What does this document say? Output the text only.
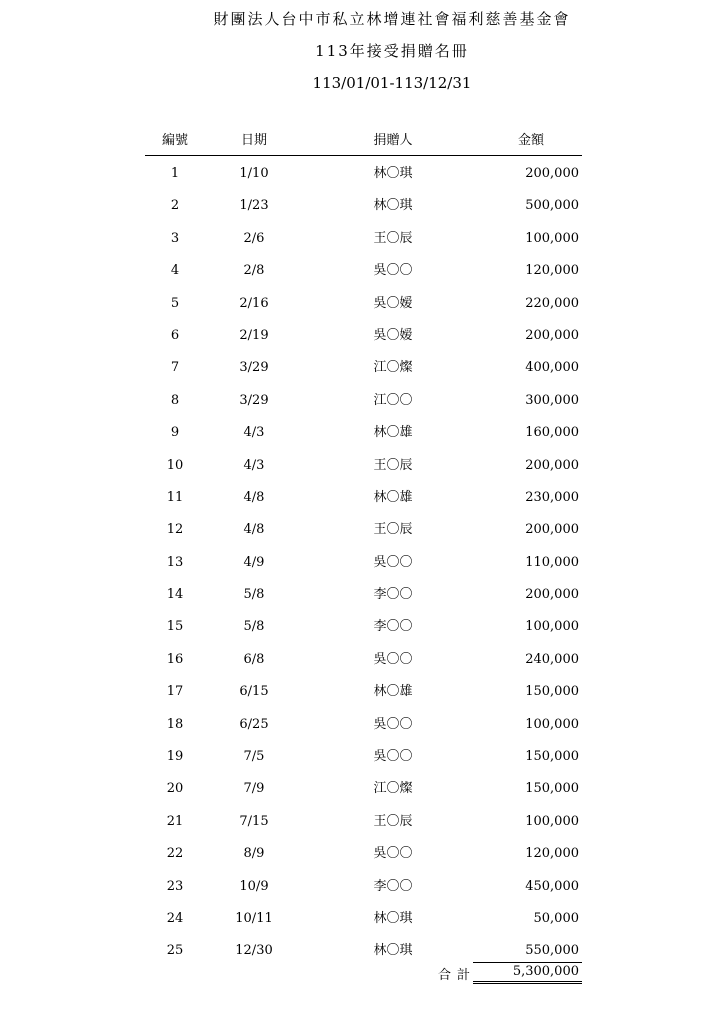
財團法人台中市私立林增連社會福利慈善基金會
113年接受捐贈名冊
113/01/01-113/12/31
編號	日期	捐贈人	金額
1	1/10	林〇琪	200,000
2	1/23	林〇琪	500,000
3	2/6	王〇辰	100,000
4	2/8	吳〇〇	120,000
5	2/16	吳〇嫒	220,000
6	2/19	吳〇嫒	200,000
7	3/29	江〇燦	400,000
8	3/29	江〇〇	300,000
9	4/3	林〇雄	160,000
10	4/3	王〇辰	200,000
11	4/8	林〇雄	230,000
12	4/8	王〇辰	200,000
13	4/9	吳〇〇	110,000
14	5/8	李〇〇	200,000
15	5/8	李〇〇	100,000
16	6/8	吳〇〇	240,000
17	6/15	林〇雄	150,000
18	6/25	吳〇〇	100,000
19	7/5	吳〇〇	150,000
20	7/9	江〇燦	150,000
21	7/15	王〇辰	100,000
22	8/9	吳〇〇	120,000
23	10/9	李〇〇	450,000
24	10/11	林〇琪	50,000
25	12/30	林〇琪	550,000
合計	5,300,000
